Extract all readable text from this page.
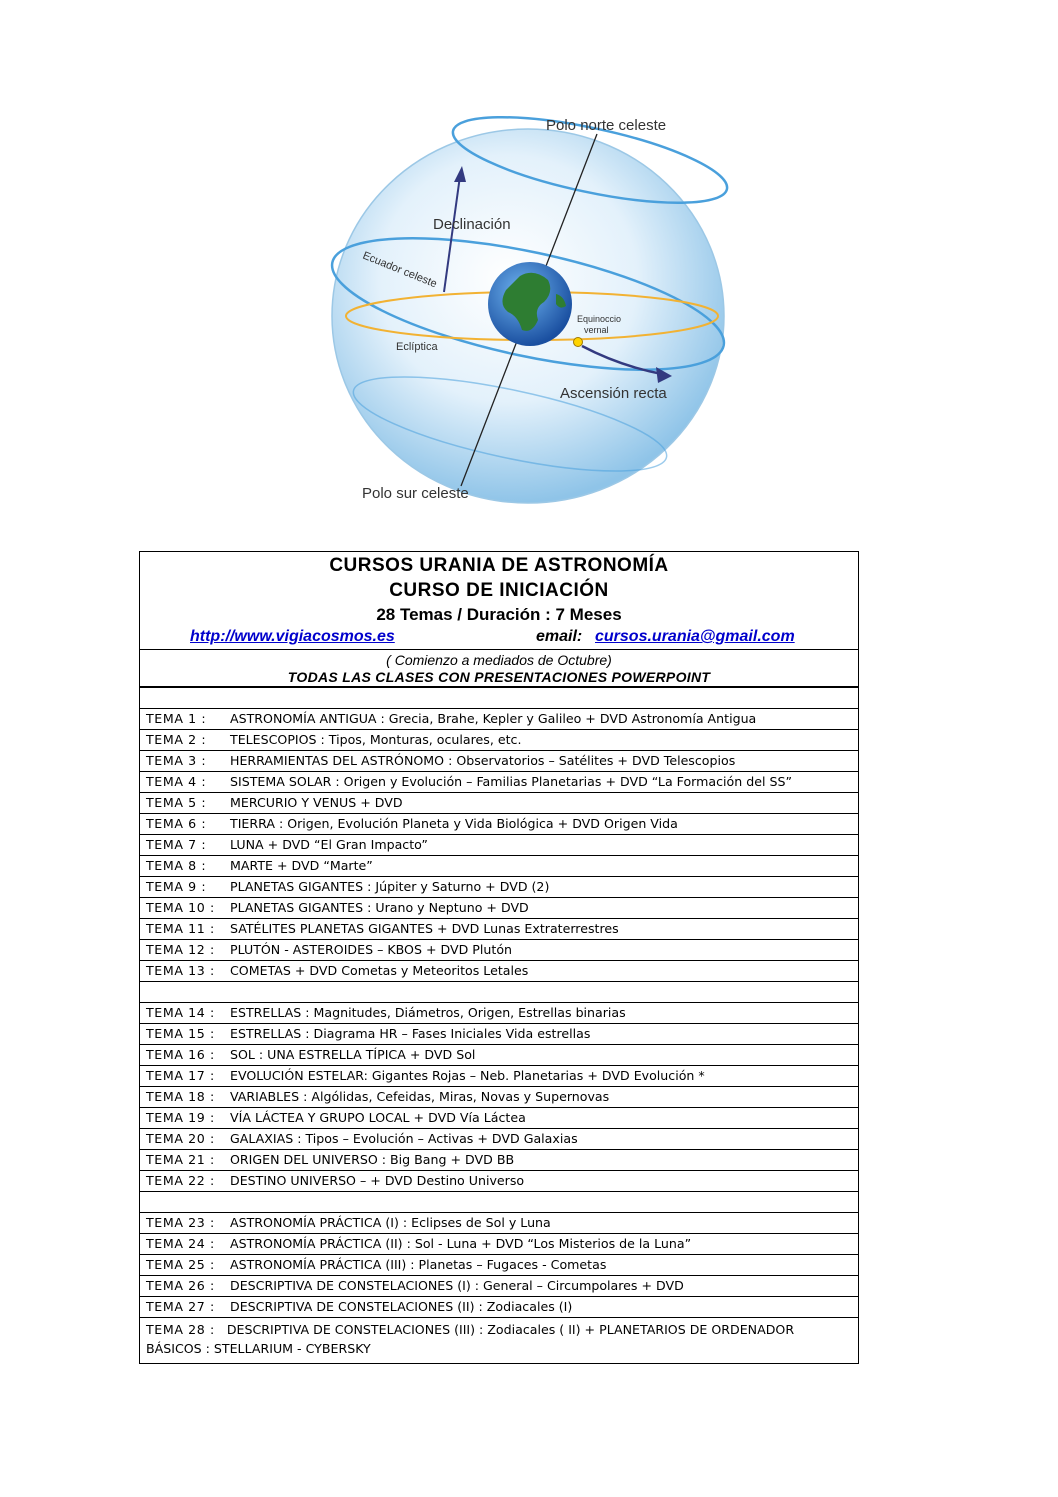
Polo norte celeste
Polo sur celeste
Declinación
Ecuador celeste
Eclíptica
Equinoccio
vernal
Ascensión recta
CURSOS URANIA DE ASTRONOMÍA
CURSO DE INICIACIÓN
28 Temas / Duración : 7 Meses
http://www.vigiacosmos.es	email: cursos.urania@gmail.com
( Comienzo a mediados de Octubre)
TODAS LAS CLASES CON PRESENTACIONES POWERPOINT
TEMA 1 : ASTRONOMÍA ANTIGUA : Grecia, Brahe, Kepler y Galileo + DVD Astronomía Antigua
TEMA 2 : TELESCOPIOS : Tipos, Monturas, oculares, etc.
TEMA 3 : HERRAMIENTAS DEL ASTRÓNOMO : Observatorios – Satélites + DVD Telescopios
TEMA 4 : SISTEMA SOLAR : Origen y Evolución – Familias Planetarias + DVD “La Formación del SS”
TEMA 5 : MERCURIO Y VENUS + DVD
TEMA 6 : TIERRA : Origen, Evolución Planeta y Vida Biológica + DVD Origen Vida
TEMA 7 : LUNA + DVD “El Gran Impacto”
TEMA 8 : MARTE + DVD “Marte”
TEMA 9 : PLANETAS GIGANTES : Júpiter y Saturno + DVD (2)
TEMA 10 : PLANETAS GIGANTES : Urano y Neptuno + DVD
TEMA 11 : SATÉLITES PLANETAS GIGANTES + DVD Lunas Extraterrestres
TEMA 12 : PLUTÓN - ASTEROIDES – KBOS + DVD Plutón
TEMA 13 : COMETAS + DVD Cometas y Meteoritos Letales
TEMA 14 : ESTRELLAS : Magnitudes, Diámetros, Origen, Estrellas binarias
TEMA 15 : ESTRELLAS : Diagrama HR – Fases Iniciales Vida estrellas
TEMA 16 : SOL : UNA ESTRELLA TÍPICA + DVD Sol
TEMA 17 : EVOLUCIÓN ESTELAR: Gigantes Rojas – Neb. Planetarias + DVD Evolución *
TEMA 18 : VARIABLES : Algólidas, Cefeidas, Miras, Novas y Supernovas
TEMA 19 : VÍA LÁCTEA Y GRUPO LOCAL + DVD Vía Láctea
TEMA 20 : GALAXIAS : Tipos – Evolución – Activas + DVD Galaxias
TEMA 21 : ORIGEN DEL UNIVERSO : Big Bang + DVD BB
TEMA 22 : DESTINO UNIVERSO – + DVD Destino Universo
TEMA 23 : ASTRONOMÍA PRÁCTICA (I) : Eclipses de Sol y Luna
TEMA 24 : ASTRONOMÍA PRÁCTICA (II) : Sol - Luna + DVD “Los Misterios de la Luna”
TEMA 25 : ASTRONOMÍA PRÁCTICA (III) : Planetas – Fugaces - Cometas
TEMA 26 : DESCRIPTIVA DE CONSTELACIONES (I) : General – Circumpolares + DVD
TEMA 27 : DESCRIPTIVA DE CONSTELACIONES (II) : Zodiacales (I)
TEMA 28 : DESCRIPTIVA DE CONSTELACIONES (III) : Zodiacales ( II) + PLANETARIOS DE ORDENADOR BÁSICOS : STELLARIUM - CYBERSKY
